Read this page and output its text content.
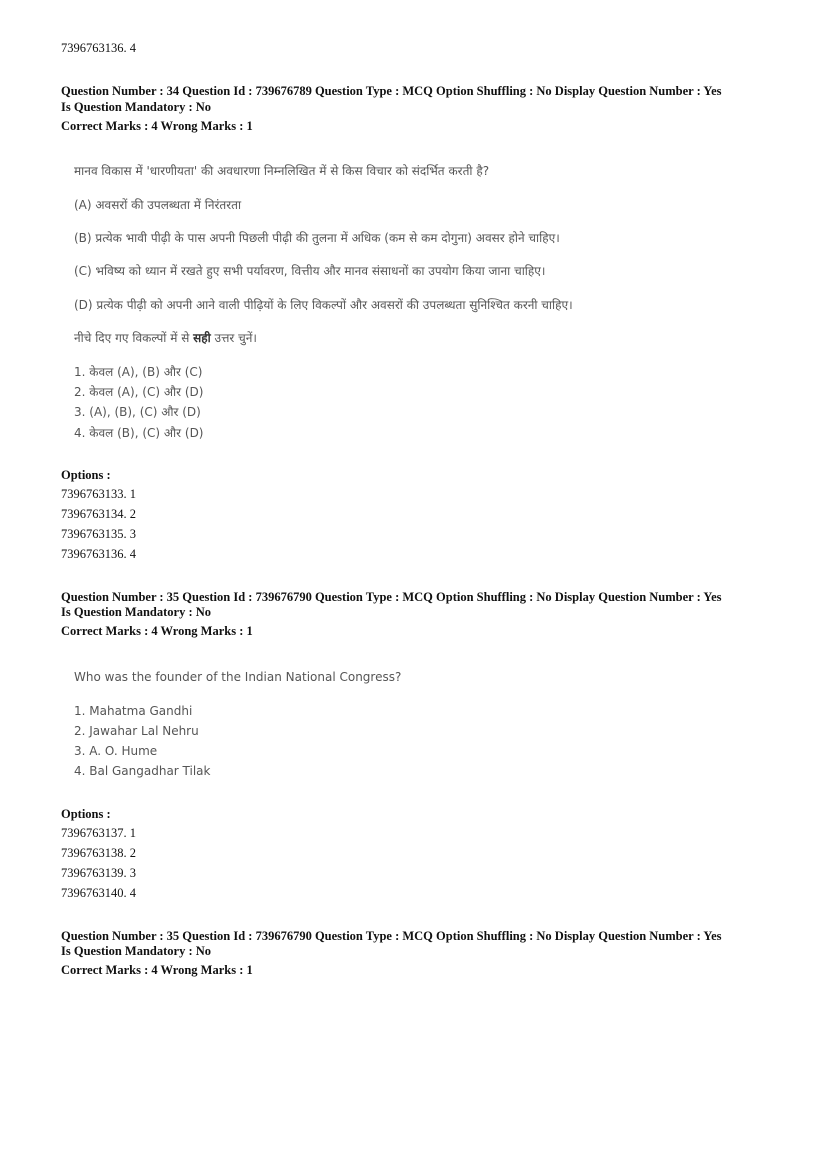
7396763136. 4
Question Number : 34 Question Id : 739676789 Question Type : MCQ Option Shuffling : No Display Question Number : Yes
Is Question Mandatory : No
Correct Marks : 4 Wrong Marks : 1
मानव विकास में 'धारणीयता' की अवधारणा निम्नलिखित में से किस विचार को संदर्भित करती है?
(A) अवसरों की उपलब्धता में निरंतरता
(B) प्रत्येक भावी पीढ़ी के पास अपनी पिछली पीढ़ी की तुलना में अधिक (कम से कम दोगुना) अवसर होने चाहिए।
(C) भविष्य को ध्यान में रखते हुए सभी पर्यावरण, वित्तीय और मानव संसाधनों का उपयोग किया जाना चाहिए।
(D) प्रत्येक पीढ़ी को अपनी आने वाली पीढ़ियों के लिए विकल्पों और अवसरों की उपलब्धता सुनिश्चित करनी चाहिए।
नीचे दिए गए विकल्पों में से सही उत्तर चुनें।
1. केवल (A), (B) और (C)
2. केवल (A), (C) और (D)
3. (A), (B), (C) और (D)
4. केवल (B), (C) और (D)
Options :
7396763133. 1
7396763134. 2
7396763135. 3
7396763136. 4
Question Number : 35 Question Id : 739676790 Question Type : MCQ Option Shuffling : No Display Question Number : Yes
Is Question Mandatory : No
Correct Marks : 4 Wrong Marks : 1
Who was the founder of the Indian National Congress?
1. Mahatma Gandhi
2. Jawahar Lal Nehru
3. A. O. Hume
4. Bal Gangadhar Tilak
Options :
7396763137. 1
7396763138. 2
7396763139. 3
7396763140. 4
Question Number : 35 Question Id : 739676790 Question Type : MCQ Option Shuffling : No Display Question Number : Yes
Is Question Mandatory : No
Correct Marks : 4 Wrong Marks : 1
